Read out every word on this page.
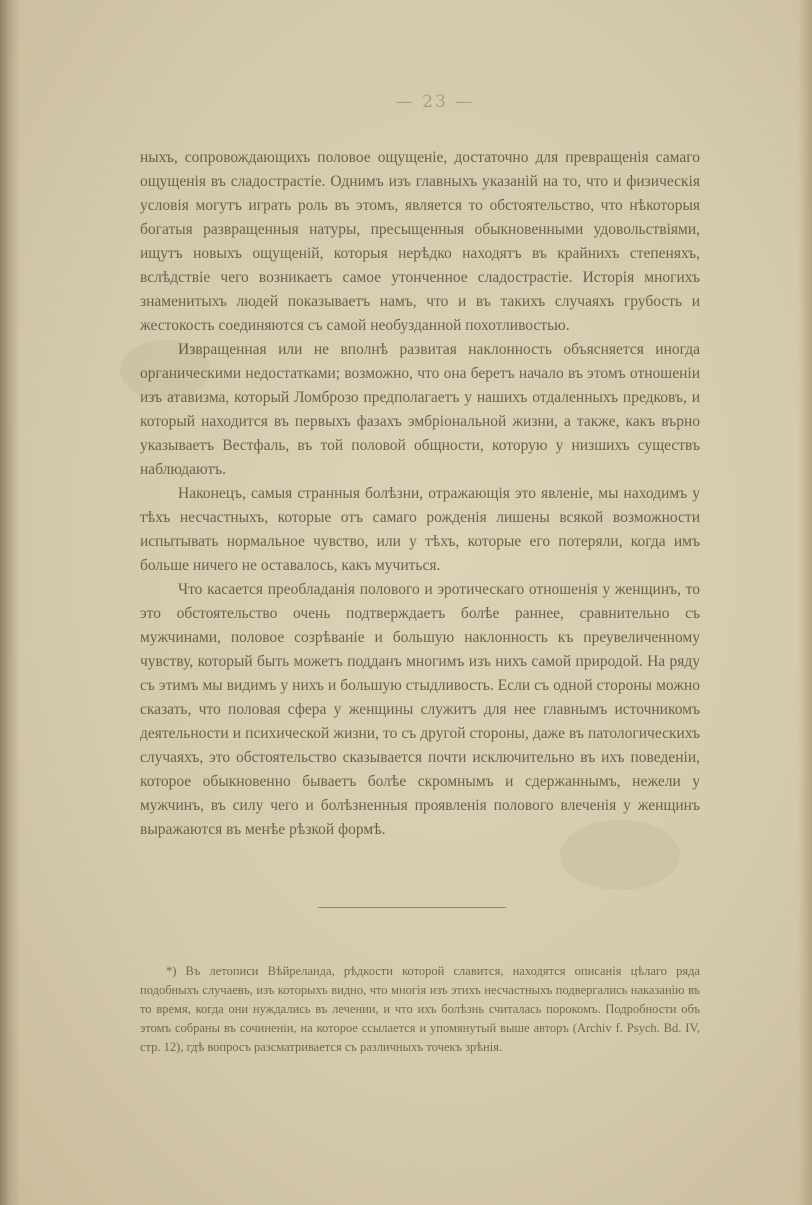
— 23 —

ныхъ, сопровождающихъ половое ощущеніе, достаточно для превращенія самаго ощущенія въ сладострастіе. Однимъ изъ главныхъ указаній на то, что и физическія условія могутъ играть роль въ этомъ, является то обстоятельство, что нѣкоторыя богатыя развращенныя натуры, пресыщенныя обыкновенными удовольствіями, ищутъ новыхъ ощущеній, которыя нерѣдко находятъ въ крайнихъ степеняхъ, вслѣдствіе чего возникаетъ самое утонченное сладострастіе. Исторія многихъ знаменитыхъ людей показываетъ намъ, что и въ такихъ случаяхъ грубость и жестокость соединяются съ самой необузданной похотливостью.

Извращенная или не вполнѣ развитая наклонность объясняется иногда органическими недостатками; возможно, что она беретъ начало въ этомъ отношеніи изъ атавизма, который Ломброзо предполагаетъ у нашихъ отдаленныхъ предковъ, и который находится въ первыхъ фазахъ эмбріональной жизни, а также, какъ върно указываетъ Вестфаль, въ той половой общности, которую у низшихъ существъ наблюдаютъ.

Наконецъ, самыя странныя болѣзни, отражающія это явленіе, мы находимъ у тѣхъ несчастныхъ, которые отъ самаго рожденія лишены всякой возможности испытывать нормальное чувство, или у тѣхъ, которые его потеряли, когда имъ больше ничего не оставалось, какъ мучиться.

Что касается преобладанія полового и эротическаго отношенія у женщинъ, то это обстоятельство очень подтверждаетъ болѣе раннее, сравнительно съ мужчинами, половое созрѣваніе и большую наклонность къ преувеличенному чувству, который быть можетъ подданъ многимъ изъ нихъ самой природой. На ряду съ этимъ мы видимъ у нихъ и большую стыдливость. Если съ одной стороны можно сказать, что половая сфера у женщины служитъ для нее главнымъ источникомъ деятельности и психической жизни, то съ другой стороны, даже въ патологическихъ случаяхъ, это обстоятельство сказывается почти исключительно въ ихъ поведеніи, которое обыкновенно бываетъ болѣе скромнымъ и сдержаннымъ, нежели у мужчинъ, въ силу чего и болѣзненныя проявленія полового влеченія у женщинъ выражаются въ менѣе рѣзкой формѣ.

*) Въ летописи Вѣйреланда, рѣдкости которой славится, находятся описанія цѣлаго ряда подобныхъ случаевъ, изъ которыхъ видно, что многія изъ этихъ несчастныхъ подвергались наказанію въ то время, когда они нуждались въ лечении, и что ихъ болѣзнь считалась порокомъ. Подробности объ этомъ собраны въ сочиненіи, на которое ссылается и упомянутый выше авторъ (Archiv f. Psych. Bd. IV, стр. 12), гдѣ вопросъ разсматривается съ различныхъ точекъ зрѣнія.
